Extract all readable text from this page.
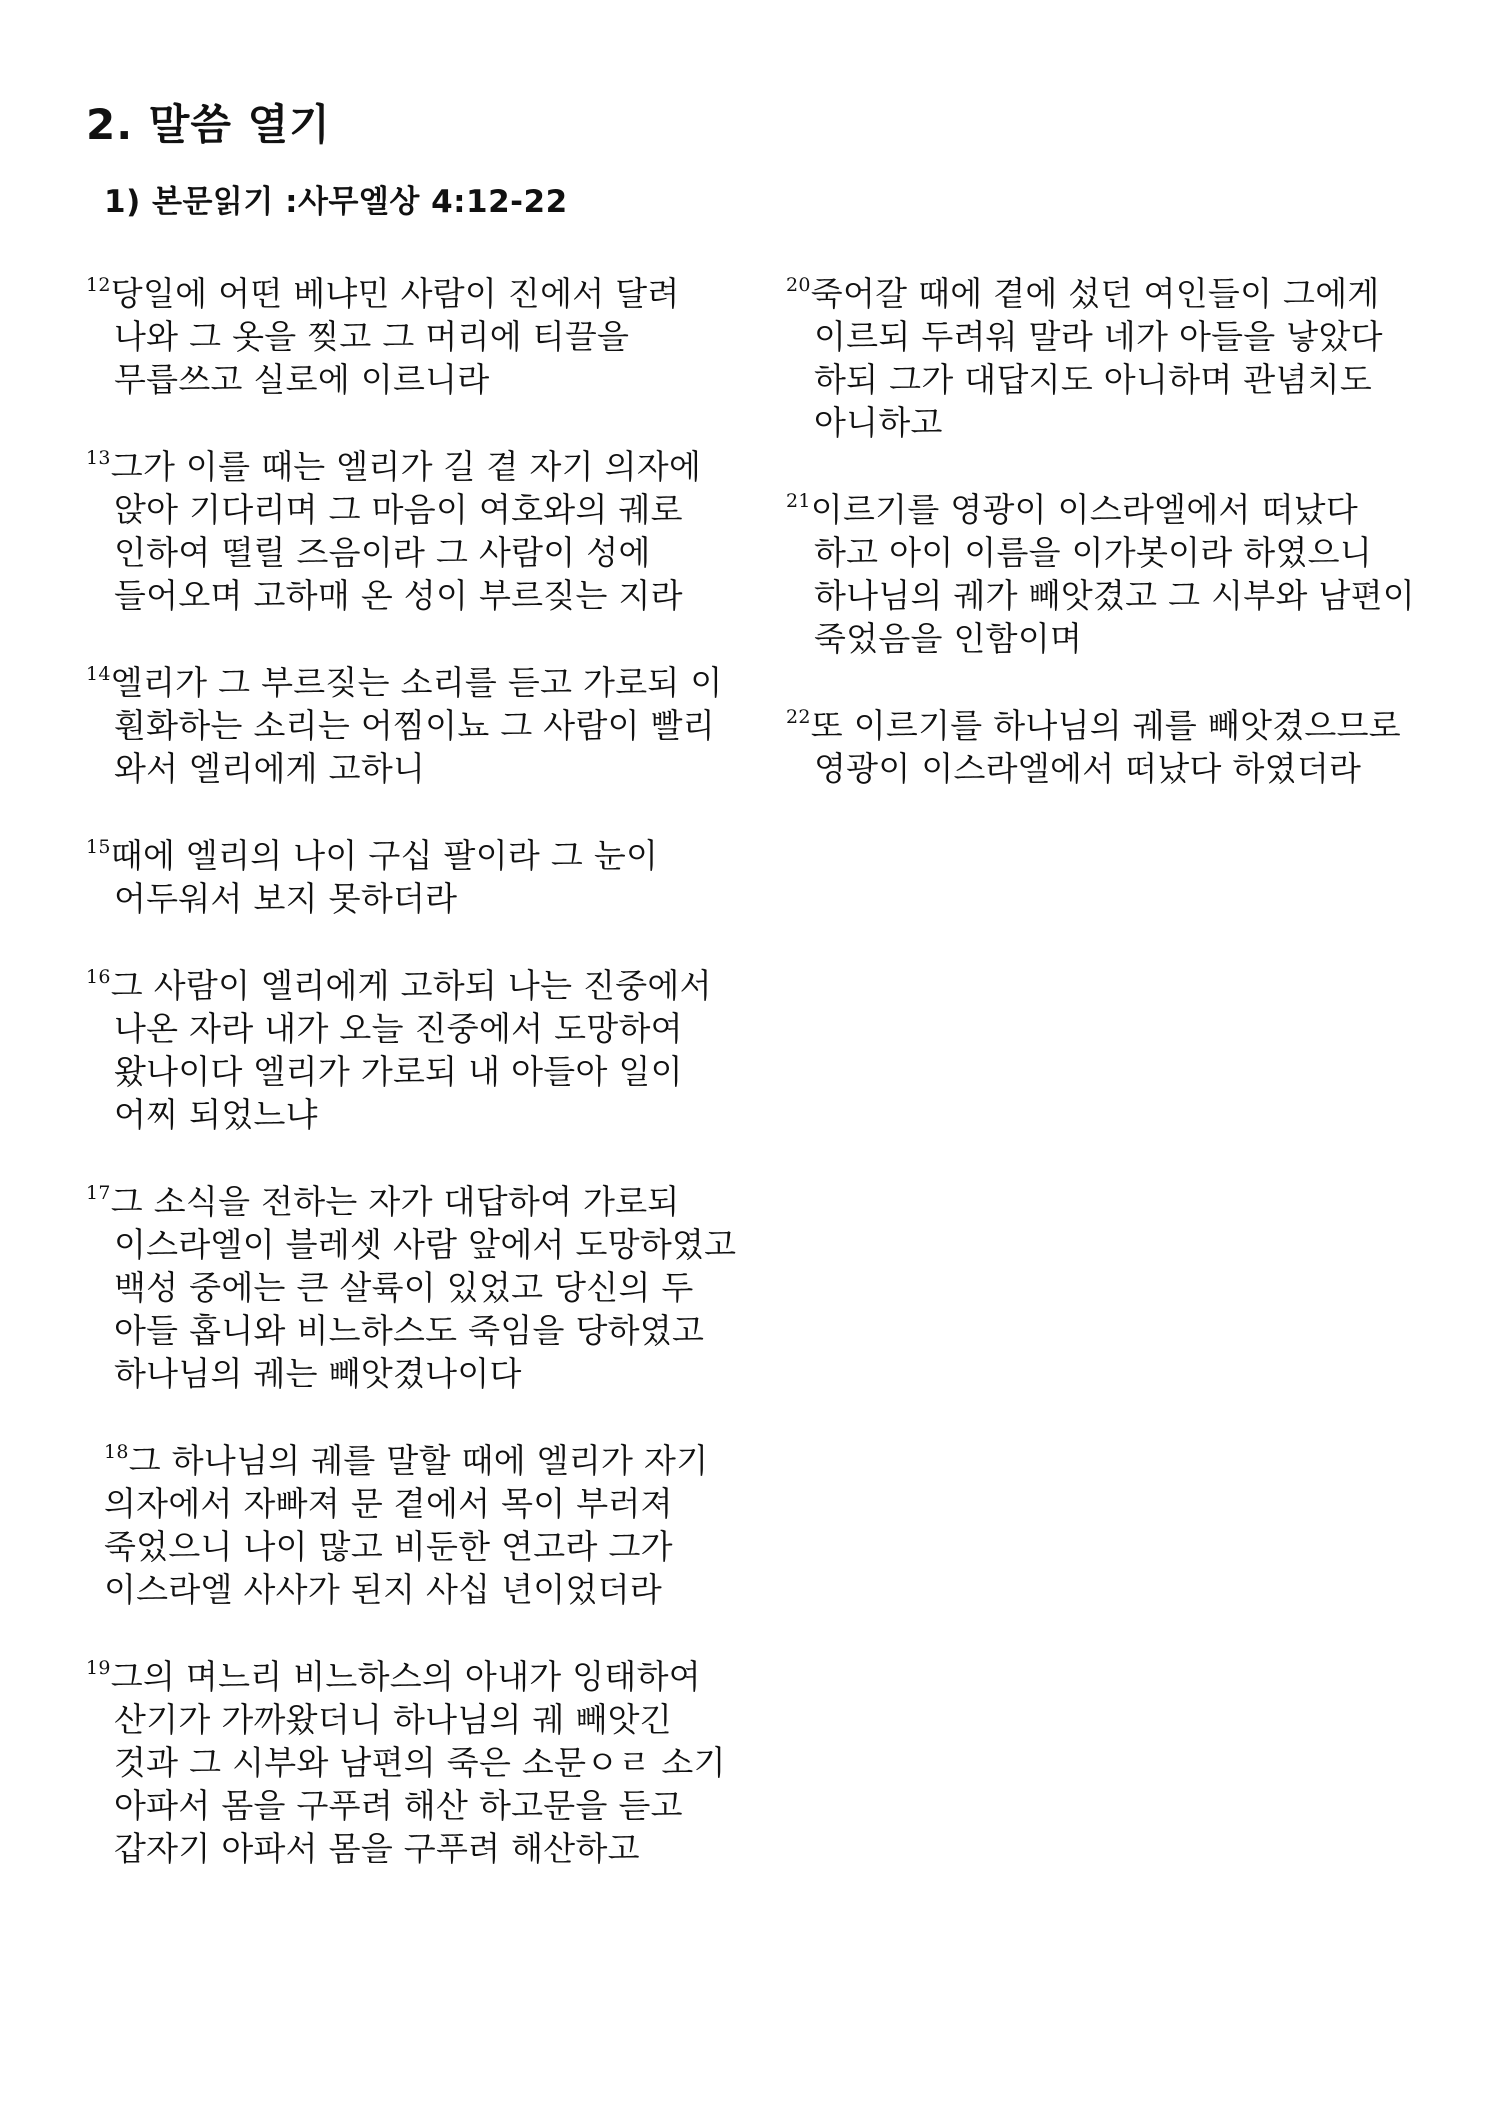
2. 말씀 열기
1) 본문읽기 :사무엘상 4:12-22

$^{12}$당일에 어떤 베냐민 사람이 진에서 달려 나와 그 옷을 찢고 그 머리에 티끌을 무릅쓰고 실로에 이르니라

$^{13}$그가 이를 때는 엘리가 길 곁 자기 의자에 앉아 기다리며 그 마음이 여호와의 궤로 인하여 떨릴 즈음이라 그 사람이 성에 들어오며 고하매 온 성이 부르짖는 지라

$^{14}$엘리가 그 부르짖는 소리를 듣고 가로되 이 훤화하는 소리는 어찜이뇨 그 사람이 빨리 와서 엘리에게 고하니

$^{15}$때에 엘리의 나이 구십 팔이라 그 눈이 어두워서 보지 못하더라

$^{16}$그 사람이 엘리에게 고하되 나는 진중에서 나온 자라 내가 오늘 진중에서 도망하여 왔나이다 엘리가 가로되 내 아들아 일이 어찌 되었느냐

$^{17}$그 소식을 전하는 자가 대답하여 가로되 이스라엘이 블레셋 사람 앞에서 도망하였고 백성 중에는 큰 살륙이 있었고 당신의 두 아들 홉니와 비느하스도 죽임을 당하였고 하나님의 궤는 빼앗겼나이다

$^{18}$그 하나님의 궤를 말할 때에 엘리가 자기 의자에서 자빠져 문 곁에서 목이 부러져 죽었으니 나이 많고 비둔한 연고라 그가 이스라엘 사사가 된지 사십 년이었더라

$^{19}$그의 며느리 비느하스의 아내가 잉태하여 산기가 가까왔더니 하나님의 궤 빼앗긴 것과 그 시부와 남편의 죽은 소문ㅇㄹ 소기 아파서 몸을 구푸려 해산 하고문을 듣고 갑자기 아파서 몸을 구푸려 해산하고

$^{20}$죽어갈 때에 곁에 섰던 여인들이 그에게 이르되 두려워 말라 네가 아들을 낳았다 하되 그가 대답지도 아니하며 관념치도 아니하고

$^{21}$이르기를 영광이 이스라엘에서 떠났다 하고 아이 이름을 이가봇이라 하였으니 하나님의 궤가 빼앗겼고 그 시부와 남편이 죽었음을 인함이며

$^{22}$또 이르기를 하나님의 궤를 빼앗겼으므로 영광이 이스라엘에서 떠났다 하였더라
